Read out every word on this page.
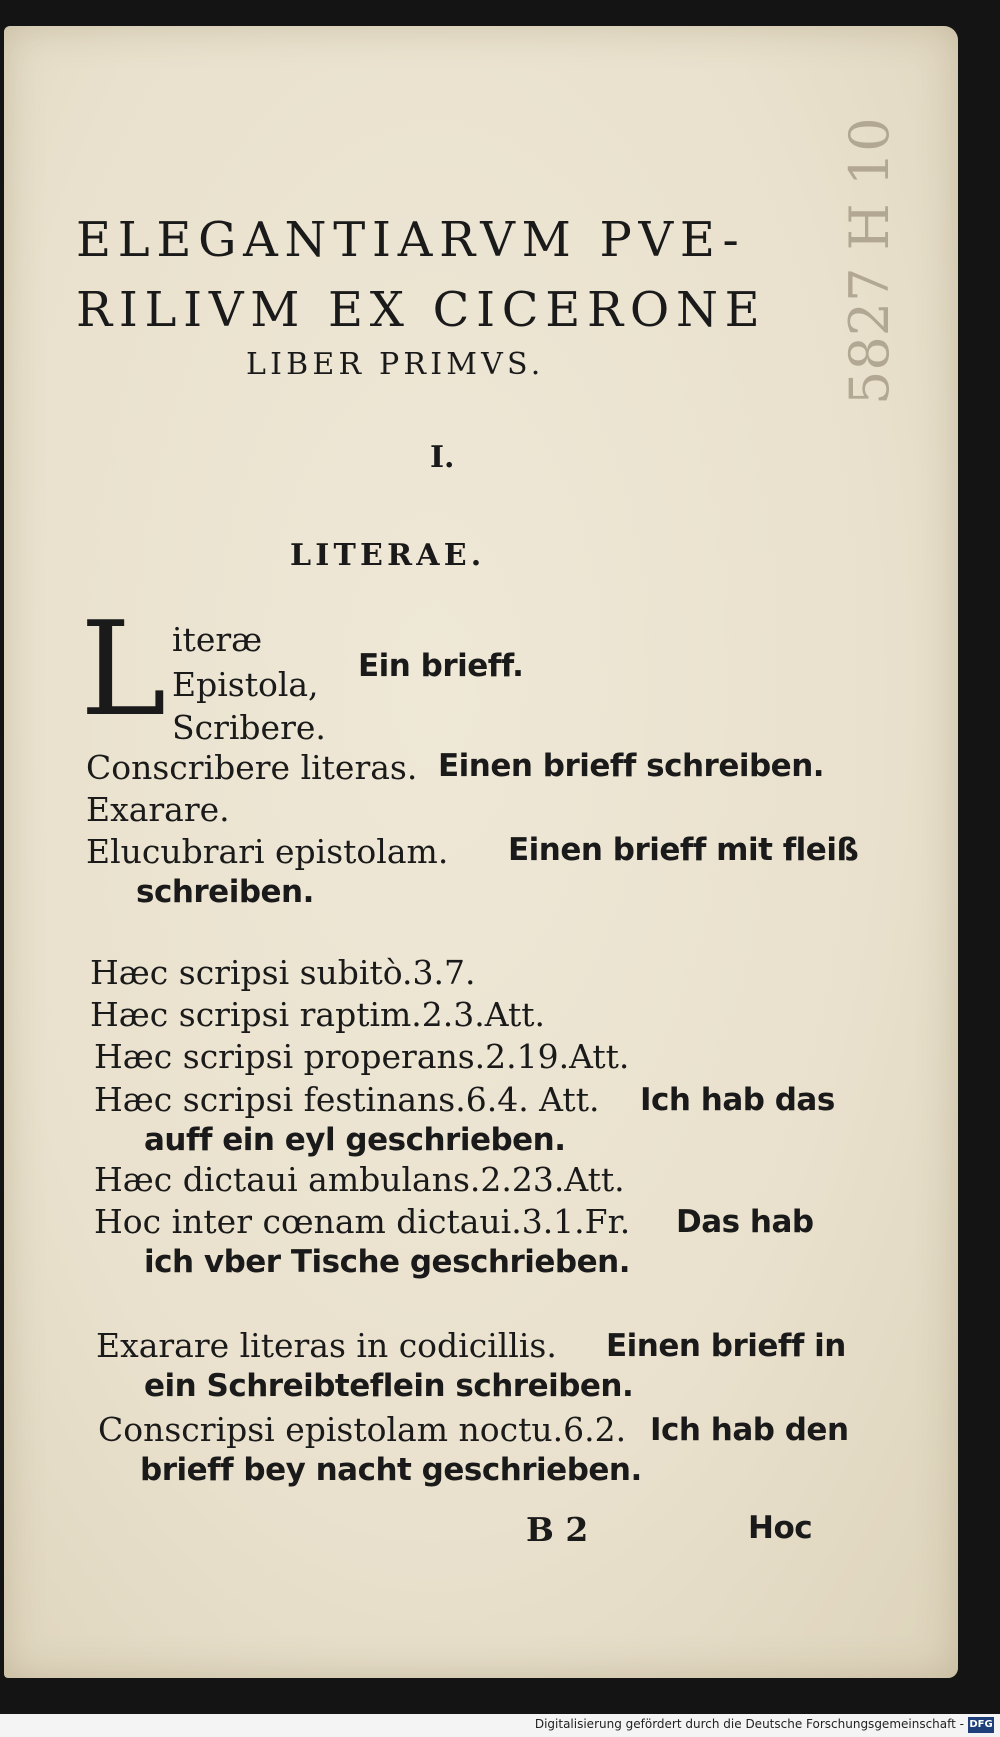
5827 H 10
ELEGANTIARVM PVE-
RILIVM EX CICERONE
LIBER PRIMVS.
I.
LITERAE.
L iteræ
Epistola,
Scribere.
Ein brieff.
Conscribere literas. Einen brieff schreiben.
Exarare.
Elucubrari epistolam. Einen brieff mit fleiß
schreiben.
Hæc scripsi subitò.3.7.
Hæc scripsi raptim.2.3.Att.
Hæc scripsi properans.2.19.Att.
Hæc scripsi festinans.6.4. Att. Ich hab das
auff ein eyl geschrieben.
Hæc dictaui ambulans.2.23.Att.
Hoc inter cœnam dictaui.3.1.Fr. Das hab
ich vber Tische geschrieben.
Exarare literas in codicillis. Einen brieff in
ein Schreibteflein schreiben.
Conscripsi epistolam noctu.6.2. Ich hab den
brieff bey nacht geschrieben.
B 2	Hoc
Digitalisierung gefördert durch die Deutsche Forschungsgemeinschaft - DFG
